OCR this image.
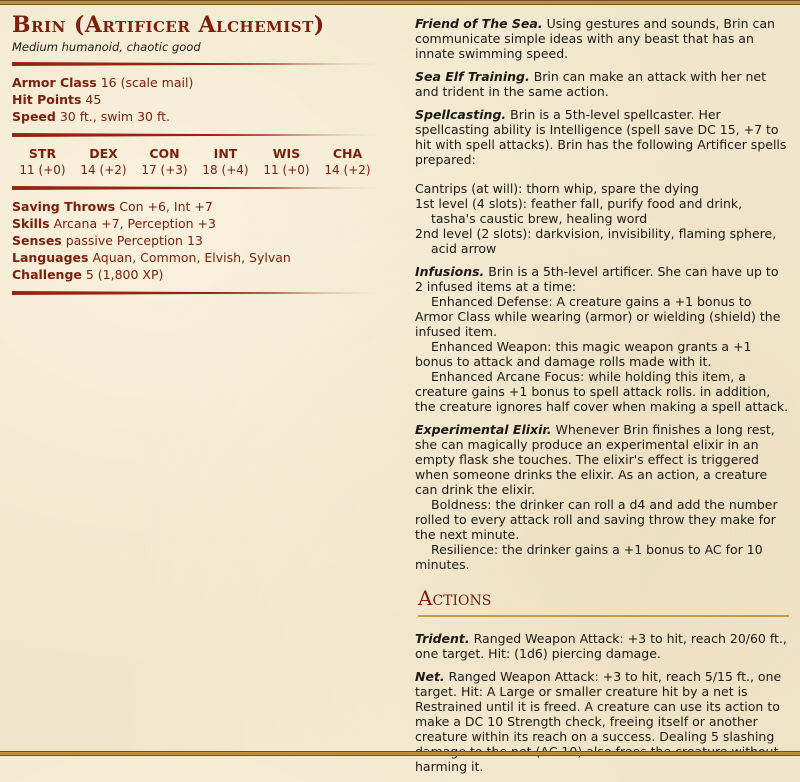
Brin (Artificer Alchemist)
Medium humanoid, chaotic good
Armor Class 16 (scale mail)
Hit Points 45
Speed 30 ft., swim 30 ft.
STR
11 (+0)
DEX
14 (+2)
CON
17 (+3)
INT
18 (+4)
WIS
11 (+0)
CHA
14 (+2)
Saving Throws Con +6, Int +7
Skills Arcana +7, Perception +3
Senses passive Perception 13
Languages Aquan, Common, Elvish, Sylvan
Challenge 5 (1,800 XP)

Friend of The Sea. Using gestures and sounds, Brin can communicate simple ideas with any beast that has an innate swimming speed.

Sea Elf Training. Brin can make an attack with her net and trident in the same action.

Spellcasting. Brin is a 5th-level spellcaster. Her spellcasting ability is Intelligence (spell save DC 15, +7 to hit with spell attacks). Brin has the following Artificer spells prepared:

Cantrips (at will): thorn whip, spare the dying
1st level (4 slots): feather fall, purify food and drink, tasha's caustic brew, healing word
2nd level (2 slots): darkvision, invisibility, flaming sphere, acid arrow
Infusions. Brin is a 5th-level artificer. She can have up to 2 infused items at a time:
Enhanced Defense: A creature gains a +1 bonus to Armor Class while wearing (armor) or wielding (shield) the infused item.
Enhanced Weapon: this magic weapon grants a +1 bonus to attack and damage rolls made with it.
Enhanced Arcane Focus: while holding this item, a creature gains +1 bonus to spell attack rolls. in addition, the creature ignores half cover when making a spell attack.
Experimental Elixir. Whenever Brin finishes a long rest, she can magically produce an experimental elixir in an empty flask she touches. The elixir's effect is triggered when someone drinks the elixir. As an action, a creature can drink the elixir.
Boldness: the drinker can roll a d4 and add the number rolled to every attack roll and saving throw they make for the next minute.
Resilience: the drinker gains a +1 bonus to AC for 10 minutes.
Actions

Trident. Ranged Weapon Attack: +3 to hit, reach 20/60 ft., one target. Hit: (1d6) piercing damage.

Net. Ranged Weapon Attack: +3 to hit, reach 5/15 ft., one target. Hit: A Large or smaller creature hit by a net is Restrained until it is freed. A creature can use its action to make a DC 10 Strength check, freeing itself or another creature within its reach on a success. Dealing 5 slashing harming it.
